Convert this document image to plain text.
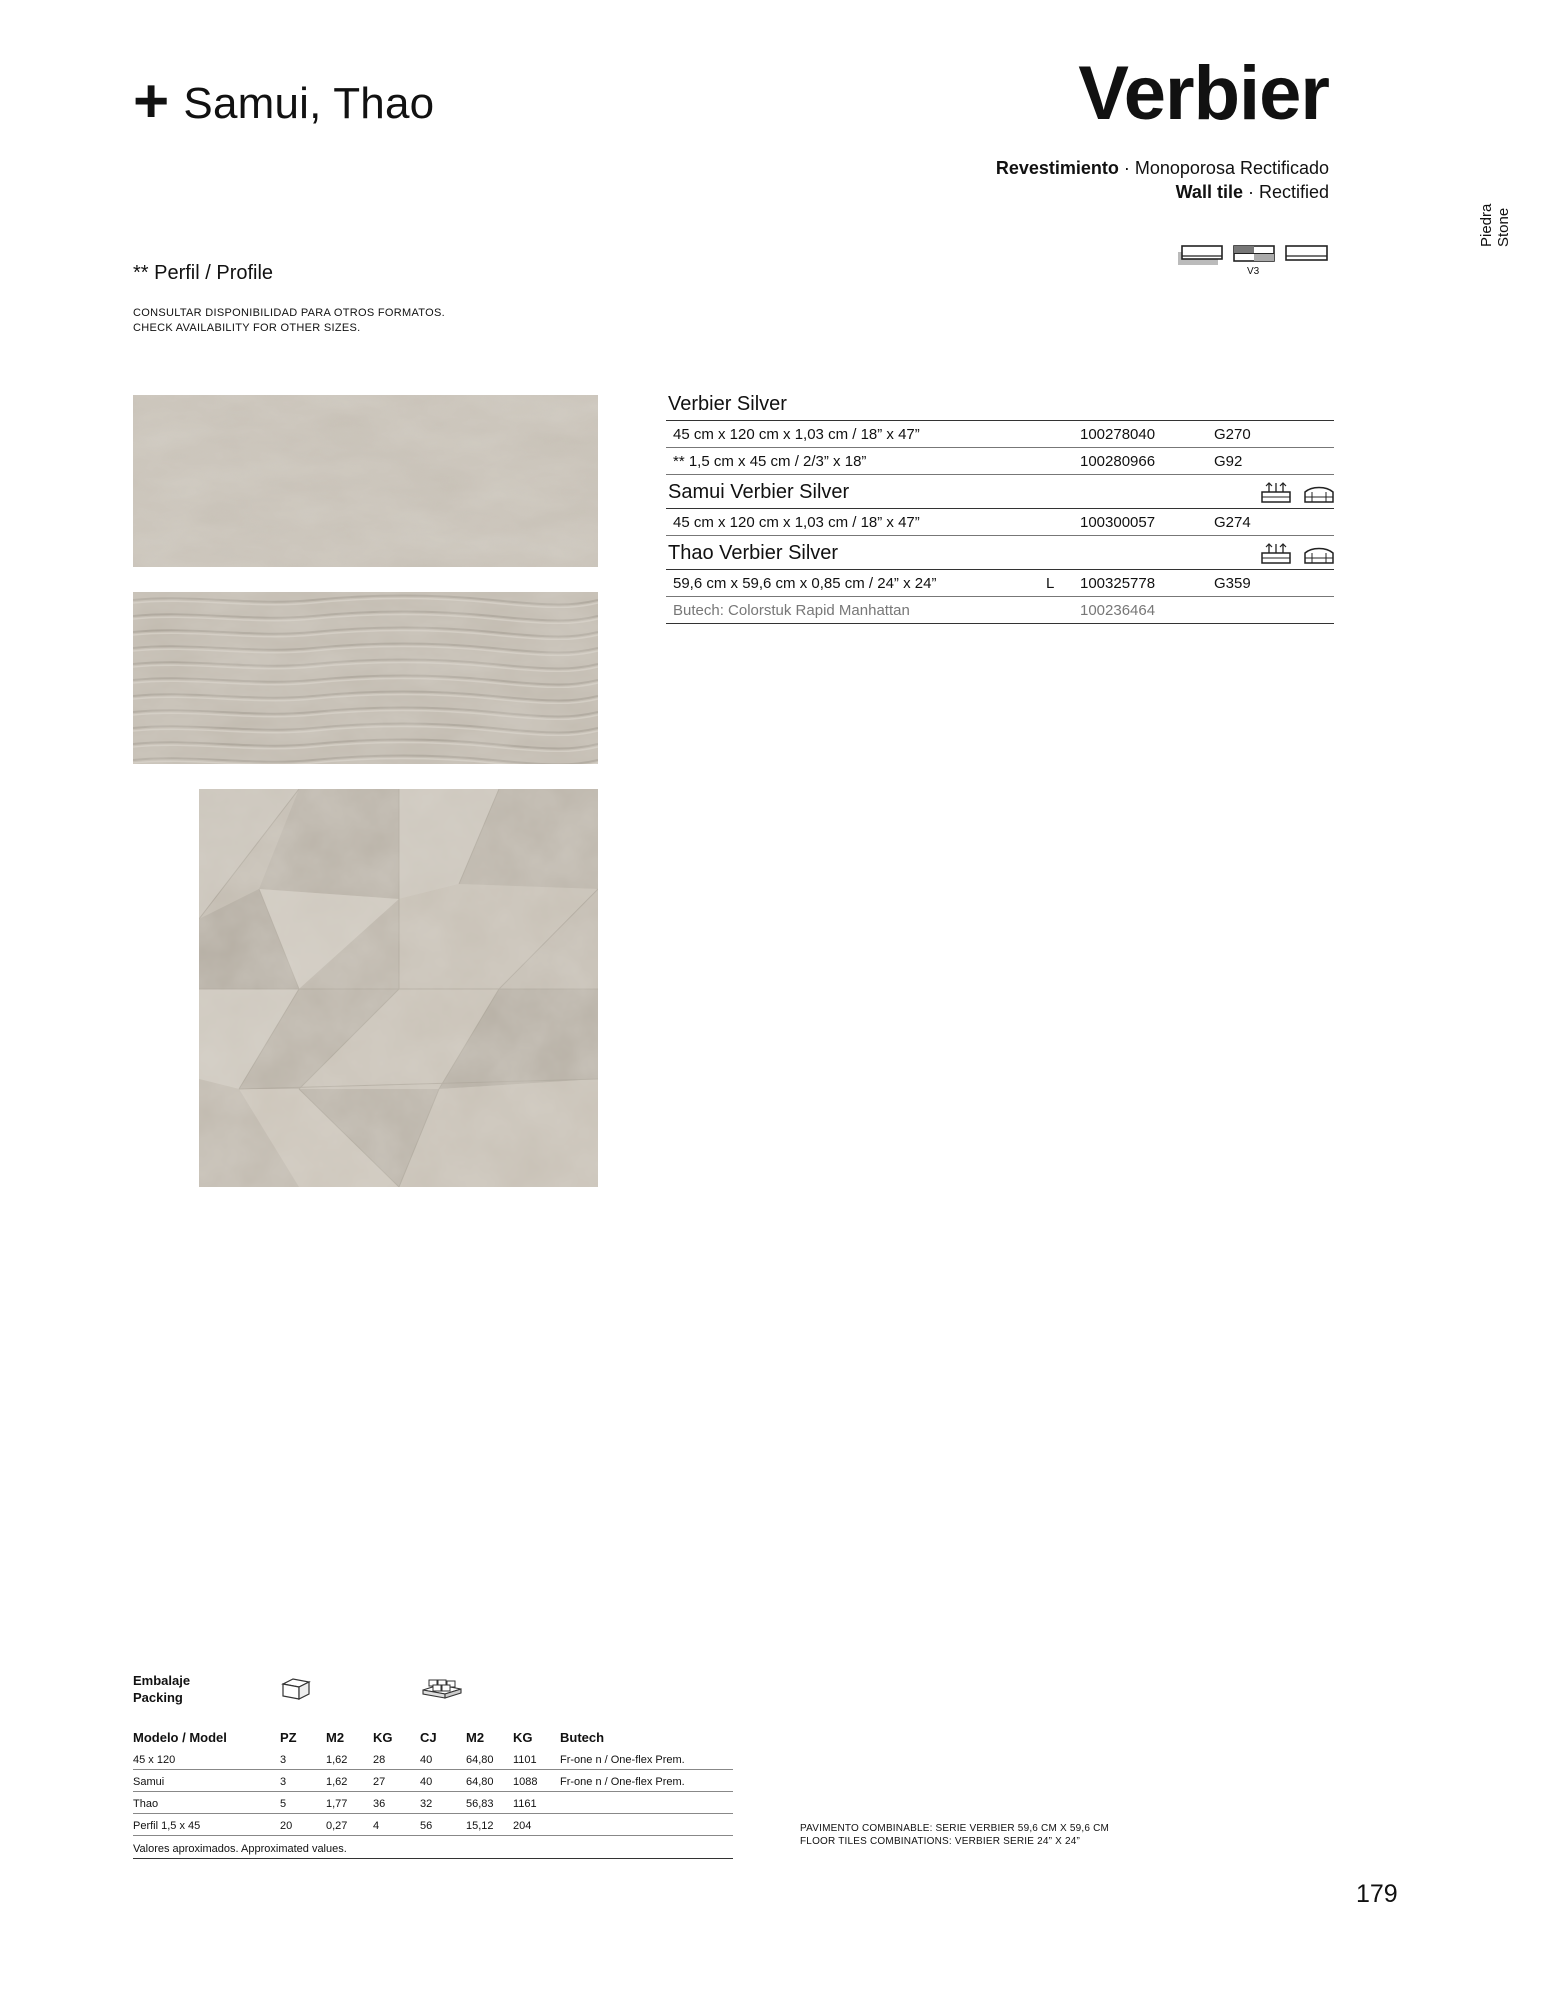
+ Samui, Thao	Verbier
Revestimiento · Monoporosa Rectificado
Wall tile · Rectified
Piedra Stone
V3
** Perfil / Profile
CONSULTAR DISPONIBILIDAD PARA OTROS FORMATOS.
CHECK AVAILABILITY FOR OTHER SIZES.
Verbier Silver
45 cm x 120 cm x 1,03 cm / 18” x 47”	100278040	G270
** 1,5 cm x 45 cm / 2/3” x 18”	100280966	G92
Samui Verbier Silver
45 cm x 120 cm x 1,03 cm / 18” x 47”	100300057	G274
Thao Verbier Silver
59,6 cm x 59,6 cm x 0,85 cm / 24” x 24”	L 100325778	G359
Butech: Colorstuk Rapid Manhattan	100236464
Embalaje
Packing
Modelo / Model	PZ M2 KG CJ M2 KG Butech
45 x 120	3	1,62 28	40	64,80 1101 Fr-one n / One-flex Prem.
Samui	3	1,62 27	40	64,80 1088 Fr-one n / One-flex Prem.
Thao	5	1,77 36	32	56,83 1161
Perfil 1,5 x 45	20	0,27 4	56	15,12 204
Valores aproximados. Approximated values.
PAVIMENTO COMBINABLE: SERIE VERBIER 59,6 CM X 59,6 CM
FLOOR TILES COMBINATIONS: VERBIER SERIE 24” X 24”
179
